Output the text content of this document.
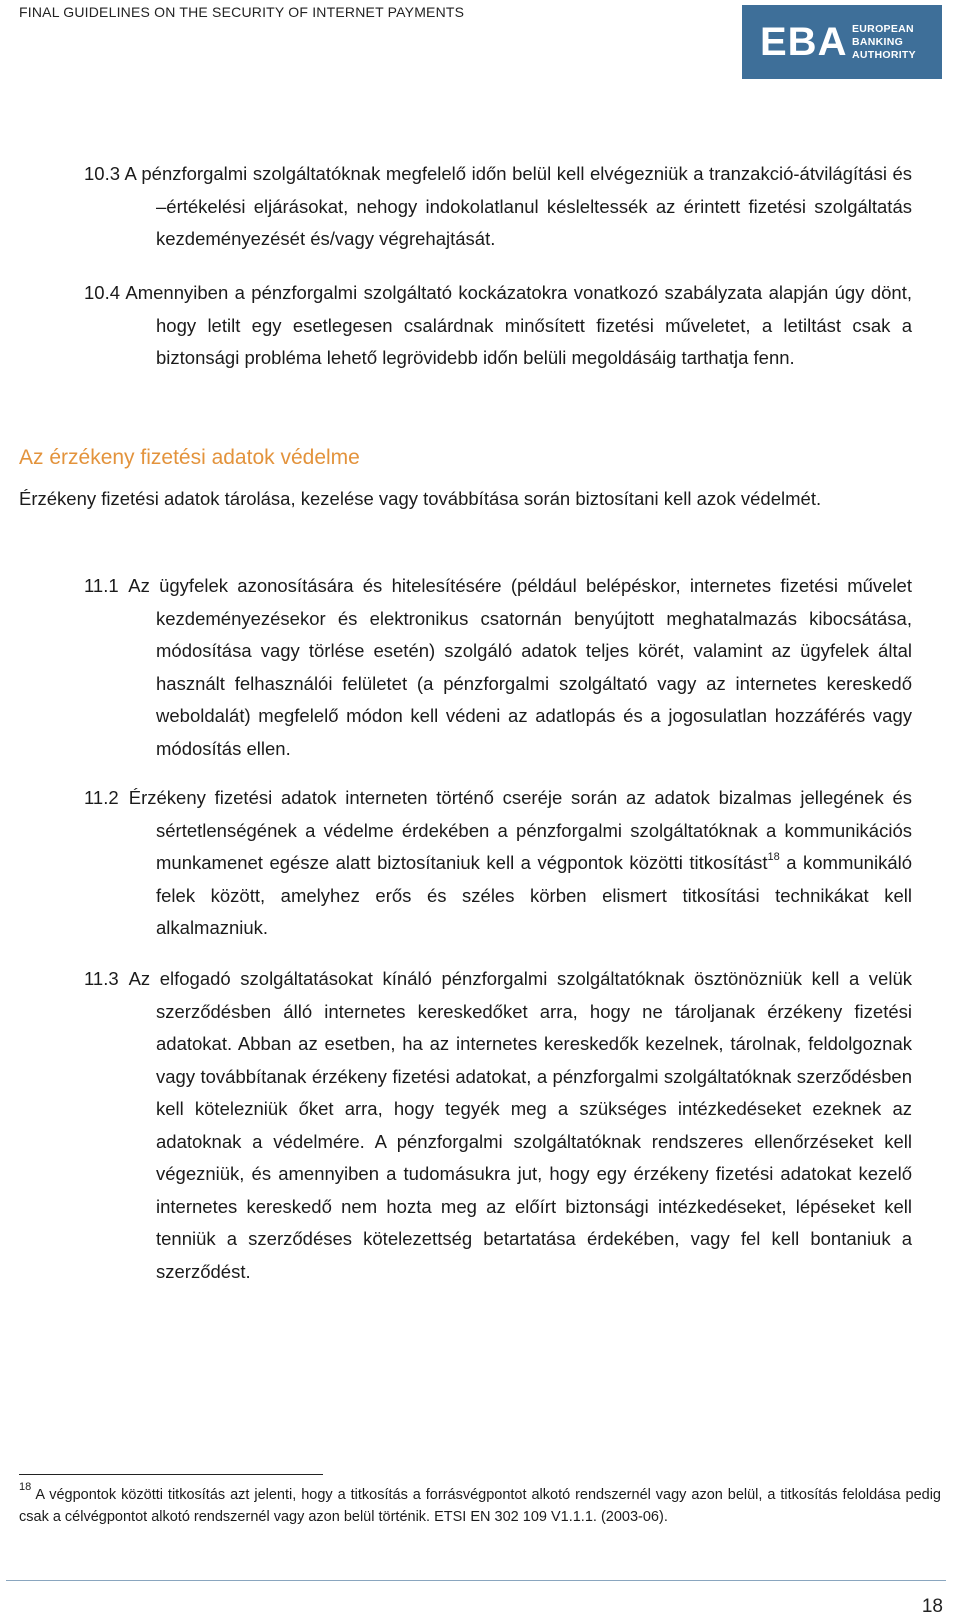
FINAL GUIDELINES ON THE SECURITY OF INTERNET PAYMENTS
EBA EUROPEAN
BANKING
AUTHORITY
10.3 A pénzforgalmi szolgáltatóknak megfelelő időn belül kell elvégezniük a tranzakció-átvilágítási és –értékelési eljárásokat, nehogy indokolatlanul késleltessék az érintett fizetési szolgáltatás kezdeményezését és/vagy végrehajtását.
10.4 Amennyiben a pénzforgalmi szolgáltató kockázatokra vonatkozó szabályzata alapján úgy dönt, hogy letilt egy esetlegesen csalárdnak minősített fizetési műveletet, a letiltást csak a biztonsági probléma lehető legrövidebb időn belüli megoldásáig tarthatja fenn.
Az érzékeny fizetési adatok védelme
Érzékeny fizetési adatok tárolása, kezelése vagy továbbítása során biztosítani kell azok védelmét.
11.1 Az ügyfelek azonosítására és hitelesítésére (például belépéskor, internetes fizetési művelet kezdeményezésekor és elektronikus csatornán benyújtott meghatalmazás kibocsátása, módosítása vagy törlése esetén) szolgáló adatok teljes körét, valamint az ügyfelek által használt felhasználói felületet (a pénzforgalmi szolgáltató vagy az internetes kereskedő weboldalát) megfelelő módon kell védeni az adatlopás és a jogosulatlan hozzáférés vagy módosítás ellen.
11.2 Érzékeny fizetési adatok interneten történő cseréje során az adatok bizalmas jellegének és sértetlenségének a védelme érdekében a pénzforgalmi szolgáltatóknak a kommunikációs munkamenet egésze alatt biztosítaniuk kell a végpontok közötti titkosítást$^{18}$ a kommunikáló felek között, amelyhez erős és széles körben elismert titkosítási technikákat kell alkalmazniuk.
11.3 Az elfogadó szolgáltatásokat kínáló pénzforgalmi szolgáltatóknak ösztönözniük kell a velük szerződésben álló internetes kereskedőket arra, hogy ne tároljanak érzékeny fizetési adatokat. Abban az esetben, ha az internetes kereskedők kezelnek, tárolnak, feldolgoznak vagy továbbítanak érzékeny fizetési adatokat, a pénzforgalmi szolgáltatóknak szerződésben kell kötelezniük őket arra, hogy tegyék meg a szükséges intézkedéseket ezeknek az adatoknak a védelmére. A pénzforgalmi szolgáltatóknak rendszeres ellenőrzéseket kell végezniük, és amennyiben a tudomásukra jut, hogy egy érzékeny fizetési adatokat kezelő internetes kereskedő nem hozta meg az előírt biztonsági intézkedéseket, lépéseket kell tenniük a szerződéses kötelezettség betartatása érdekében, vagy fel kell bontaniuk a szerződést.
$^{18}$ A végpontok közötti titkosítás azt jelenti, hogy a titkosítás a forrásvégpontot alkotó rendszernél vagy azon belül, a titkosítás feloldása pedig csak a célvégpontot alkotó rendszernél vagy azon belül történik. ETSI EN 302 109 V1.1.1. (2003-06).
18
